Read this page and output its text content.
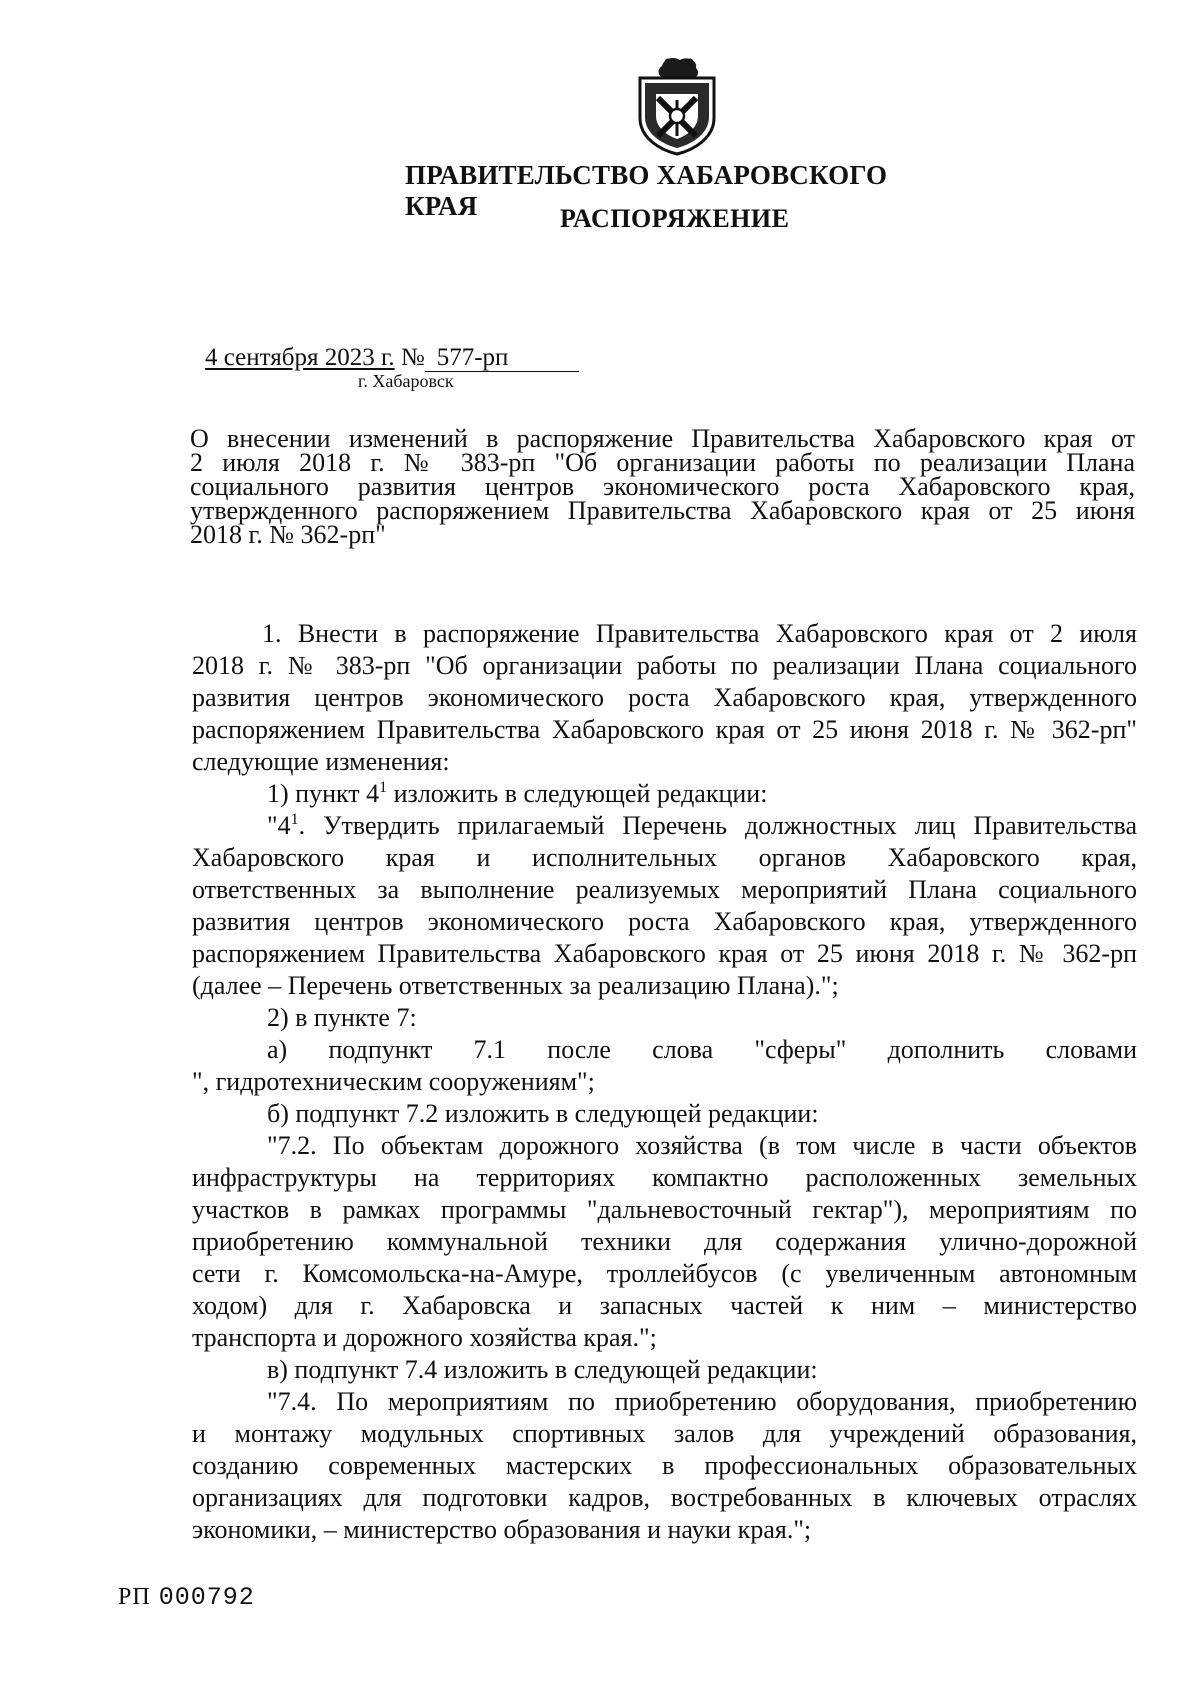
ПРАВИТЕЛЬСТВО ХАБАРОВСКОГО КРАЯ	РАСПОРЯЖЕНИЕ
4 сентября 2023 г. № 577-рп
г. Хабаровск
О внесении изменений в распоряжение Правительства Хабаровского края от
2 июля 2018 г. № 383-рп "Об организации работы по реализации Плана
социального развития центров экономического роста Хабаровского края,
утвержденного распоряжением Правительства Хабаровского края от 25 июня
2018 г. № 362-рп"
1. Внести в распоряжение Правительства Хабаровского края от 2 июля
2018 г. № 383-рп "Об организации работы по реализации Плана социального
развития центров экономического роста Хабаровского края, утвержденного
распоряжением Правительства Хабаровского края от 25 июня 2018 г. № 362-рп"
следующие изменения:
1) пункт $4^1$ изложить в следующей редакции:
"$4^1$. Утвердить прилагаемый Перечень должностных лиц Правительства
Хабаровского края и исполнительных органов Хабаровского края,
ответственных за выполнение реализуемых мероприятий Плана социального
развития центров экономического роста Хабаровского края, утвержденного
распоряжением Правительства Хабаровского края от 25 июня 2018 г. № 362-рп
(далее – Перечень ответственных за реализацию Плана).";
2) в пункте 7:
а) подпункт 7.1 после слова "сферы" дополнить словами
", гидротехническим сооружениям";
б) подпункт 7.2 изложить в следующей редакции:
"7.2. По объектам дорожного хозяйства (в том числе в части объектов
инфраструктуры на территориях компактно расположенных земельных
участков в рамках программы "дальневосточный гектар"), мероприятиям по
приобретению коммунальной техники для содержания улично-дорожной
сети г. Комсомольска-на-Амуре, троллейбусов (с увеличенным автономным
ходом) для г. Хабаровска и запасных частей к ним – министерство
транспорта и дорожного хозяйства края.";
в) подпункт 7.4 изложить в следующей редакции:
"7.4. По мероприятиям по приобретению оборудования, приобретению
и монтажу модульных спортивных залов для учреждений образования,
созданию современных мастерских в профессиональных образовательных
организациях для подготовки кадров, востребованных в ключевых отраслях
экономики, – министерство образования и науки края.";
РП 000792
